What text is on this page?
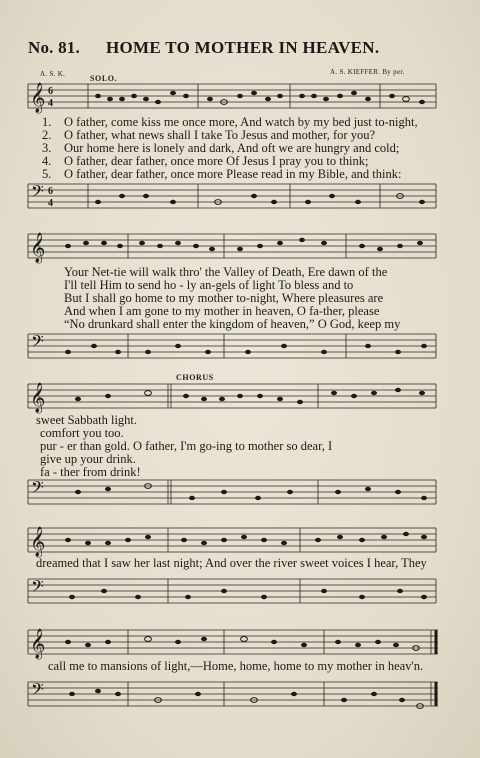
No. 81. HOME TO MOTHER IN HEAVEN.
A. S. K.	A. S. KIEFFER. By per.
SOLO.
CHORUS
𝄞 6
4
1. O father, come kiss me once more, And watch by my bed just to-night,
2. O father, what news shall I take To Jesus and mother, for you?
3. Our home here is lonely and dark, And oft we are hungry and cold;
4. O father, dear father, once more Of Jesus I pray you to think;
5. O father, dear father, once more Please read in my Bible, and think:
𝄢 6
4
𝄞
Your Net-tie will walk thro' the Valley of Death, Ere dawn of the
I'll tell Him to send ho - ly an-gels of light To bless and to
But I shall go home to my mother to-night, Where pleasures are
And when I am gone to my mother in heaven, O fa-ther, please
“No drunkard shall enter the kingdom of heaven,” O God, keep my
𝄢
𝄞
sweet Sabbath light.
comfort you too.
pur - er than gold. O father, I'm go-ing to mother so dear, I
give up your drink.
fa - ther from drink!
𝄢
𝄞
dreamed that I saw her last night; And over the river sweet voices I hear, They
𝄢
𝄞
call me to mansions of light,—Home, home, home to my mother in heav'n.
𝄢
